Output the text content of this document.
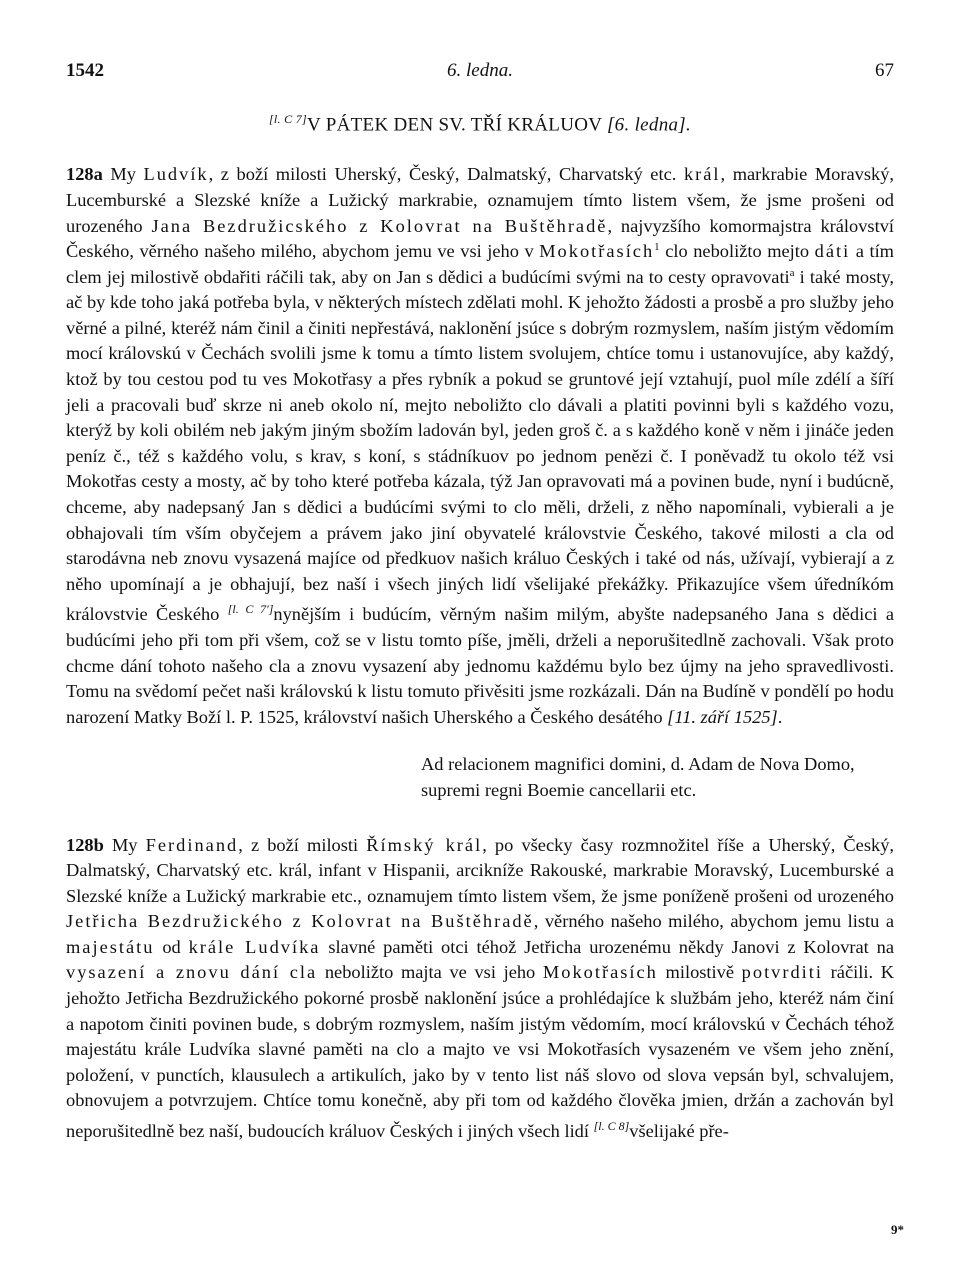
1542	6. ledna.	67
[l. C 7]V PÁTEK DEN SV. TŘÍ KRÁLUOV [6. ledna].

128a My Ludvík, z boží milosti Uherský, Český, Dalmatský, Charvatský etc. král, markrabie Moravský, Lucemburské a Slezské kníže a Lužický markrabie, oznamujem tímto listem všem, že jsme prošeni od urozeného Jana Bezdružicského z Kolovrat na Buštěhradě, najvyzšího komormajstra království Českého, věrného našeho milého, abychom jemu ve vsi jeho v Mokotřasích$^1$ clo neboližto mejto dáti a tím clem jej milostivě obdařiti ráčili tak, aby on Jan s dědici a budúcími svými na to cesty opravovati$^a$ i také mosty, ač by kde toho jaká potřeba byla, v některých místech zdělati mohl. K jehožto žádosti a prosbě a pro služby jeho věrné a pilné, kteréž nám činil a činiti nepřestává, naklonění jsúce s dobrým rozmyslem, naším jistým vědomím mocí královskú v Čechách svolili jsme k tomu a tímto listem svolujem, chtíce tomu i ustanovujíce, aby každý, ktož by tou cestou pod tu ves Mokotřasy a přes rybník a pokud se gruntové její vztahují, puol míle zdélí a šíří jeli a pracovali buď skrze ni aneb okolo ní, mejto neboližto clo dávali a platiti povinni byli s každého vozu, kterýž by koli obilém neb jakým jiným sbožím ladován byl, jeden groš č. a s každého koně v něm i jináče jeden peníz č., též s každého volu, s krav, s koní, s stádníkuov po jednom penězi č. I poněvadž tu okolo též vsi Mokotřas cesty a mosty, ač by toho které potřeba kázala, týž Jan opravovati má a povinen bude, nyní i budúcně, chceme, aby nadepsaný Jan s dědici a budúcími svými to clo měli, drželi, z něho napomínali, vybierali a je obhajovali tím vším obyčejem a právem jako jiní obyvatelé královstvie Českého, takové milosti a cla od starodávna neb znovu vysazená majíce od předkuov našich králuo Českých i také od nás, užívají, vybierají a z něho upomínají a je obhajují, bez naší i všech jiných lidí všelijaké překážky. Přikazujíce všem úředníkóm královstvie Českého [l. C 7']nynějším i budúcím, věrným našim milým, abyšte nadepsaného Jana s dědici a budúcími jeho při tom při všem, což se v listu tomto píše, jměli, drželi a neporušitedlně zachovali. Však proto chcme dání tohoto našeho cla a znovu vysazení aby jednomu každému bylo bez újmy na jeho spravedlivosti. Tomu na svědomí pečet naši královskú k listu tomuto přivěsiti jsme rozkázali. Dán na Budíně v pondělí po hodu narození Matky Boží l. P. 1525, království našich Uherského a Českého desátého [11. září 1525].

Ad relacionem magnifici domini, d. Adam de Nova Domo, supremi regni Boemie cancellarii etc.

128b My Ferdinand, z boží milosti Římský král, po všecky časy rozmnožitel říše a Uherský, Český, Dalmatský, Charvatský etc. král, infant v Hispanii, arcikníže Rakouské, markrabie Moravský, Lucemburské a Slezské kníže a Lužický markrabie etc., oznamujem tímto listem všem, že jsme poníženě prošeni od urozeného Jetřicha Bezdružického z Kolovrat na Buštěhradě, věrného našeho milého, abychom jemu listu a majestátu od krále Ludvíka slavné paměti otci téhož Jetřicha urozenému někdy Janovi z Kolovrat na vysazení a znovu dání cla neboližto majta ve vsi jeho Mokotřasích milostivě potvrditi ráčili. K jehožto Jetřicha Bezdružického pokorné prosbě naklonění jsúce a prohlédajíce k službám jeho, kteréž nám činí a napotom činiti povinen bude, s dobrým rozmyslem, naším jistým vědomím, mocí královskú v Čechách téhož majestátu krále Ludvíka slavné paměti na clo a majto ve vsi Mokotřasích vysazeném ve všem jeho znění, položení, v punctích, klausulech a artikulích, jako by v tento list náš slovo od slova vepsán byl, schvalujem, obnovujem a potvrzujem. Chtíce tomu konečně, aby při tom od každého člověka jmien, držán a zachován byl neporušitedlně bez naší, budoucích králuov Českých i jiných všech lidí [l. C 8]všelijaké pře-

9*
